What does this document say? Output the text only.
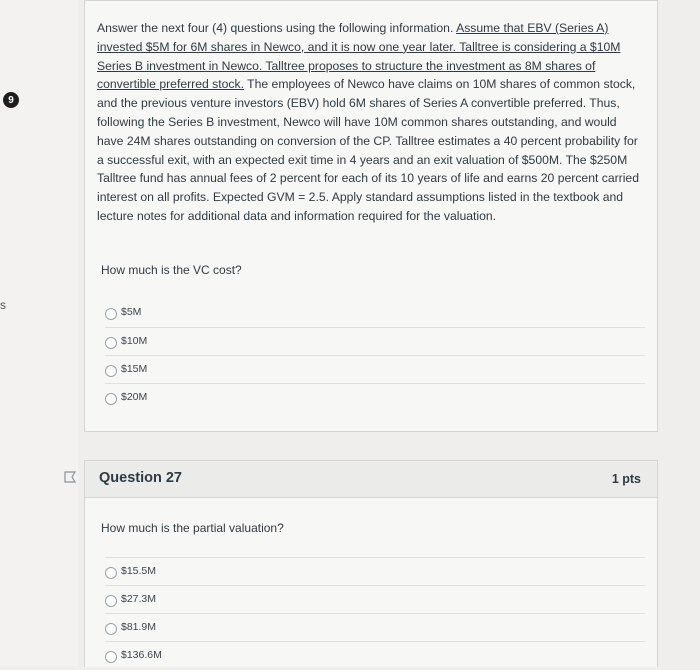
9
s
Answer the next four (4) questions using the following information. Assume that EBV (Series A) invested $5M for 6M shares in Newco, and it is now one year later. Talltree is considering a $10M Series B investment in Newco. Talltree proposes to structure the investment as 8M shares of convertible preferred stock. The employees of Newco have claims on 10M shares of common stock, and the previous venture investors (EBV) hold 6M shares of Series A convertible preferred. Thus, following the Series B investment, Newco will have 10M common shares outstanding, and would have 24M shares outstanding on conversion of the CP. Talltree estimates a 40 percent probability for a successful exit, with an expected exit time in 4 years and an exit valuation of $500M. The $250M Talltree fund has annual fees of 2 percent for each of its 10 years of life and earns 20 percent carried interest on all profits. Expected GVM = 2.5. Apply standard assumptions listed in the textbook and lecture notes for additional data and information required for the valuation.
How much is the VC cost?
$5M
$10M
$15M
$20M
Question 27	1 pts
How much is the partial valuation?
$15.5M
$27.3M
$81.9M
$136.6M
